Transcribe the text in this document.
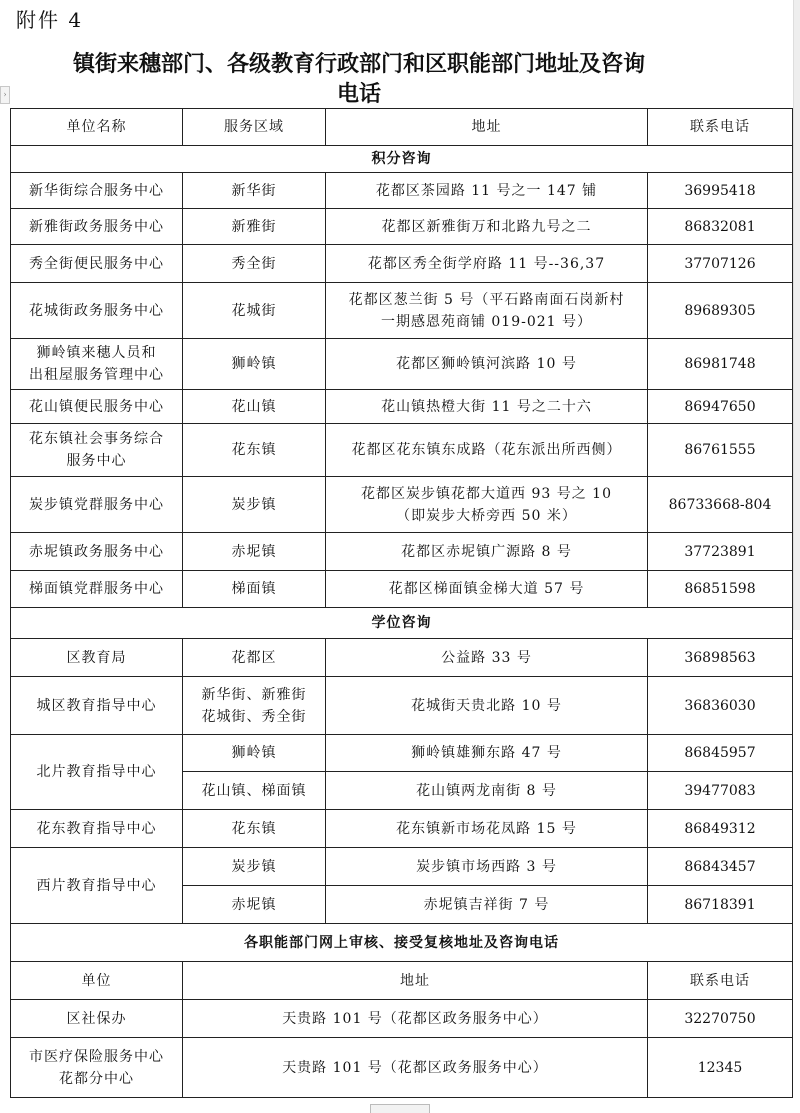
附件 4
镇街来穗部门、各级教育行政部门和区职能部门地址及咨询
电话
›
单位名称	服务区域	地址	联系电话
积分咨询			
新华街综合服务中心	新华街	花都区茶园路 11 号之一 147 铺	36995418
新雅街政务服务中心	新雅街	花都区新雅街万和北路九号之二	86832081
秀全街便民服务中心	秀全街	花都区秀全街学府路 11 号--36,37	37707126
花城街政务服务中心	花城街	花都区葱兰街 5 号（平石路南面石岗新村
一期感恩苑商铺 019-021 号）	89689305

狮岭镇来穗人员和
出租屋服务管理中心	狮岭镇	花都区狮岭镇河滨路 10 号	86981748
花山镇便民服务中心	花山镇	花山镇热橙大街 11 号之二十六	86947650

花东镇社会事务综合
服务中心	花东镇	花都区花东镇东成路（花东派出所西侧）	86761555
炭步镇党群服务中心	炭步镇	花都区炭步镇花都大道西 93 号之 10
（即炭步大桥旁西 50 米）	86733668-804
赤坭镇政务服务中心	赤坭镇	花都区赤坭镇广源路 8 号	37723891
梯面镇党群服务中心	梯面镇	花都区梯面镇金梯大道 57 号	86851598
学位咨询			
区教育局	花都区	公益路 33 号	36898563
城区教育指导中心	新华街、新雅街
花城街、秀全街	花城街天贵北路 10 号	36836030
北片教育指导中心	狮岭镇	狮岭镇雄狮东路 47 号	86845957
	花山镇、梯面镇	花山镇两龙南街 8 号	39477083
花东教育指导中心	花东镇	花东镇新市场花凤路 15 号	86849312
西片教育指导中心	炭步镇	炭步镇市场西路 3 号	86843457
	赤坭镇	赤坭镇吉祥街 7 号	86718391
各职能部门网上审核、接受复核地址及咨询电话			
单位	地址		联系电话
区社保办	天贵路 101 号（花都区政务服务中心）		32270750

市医疗保险服务中心
花都分中心	天贵路 101 号（花都区政务服务中心）		12345
